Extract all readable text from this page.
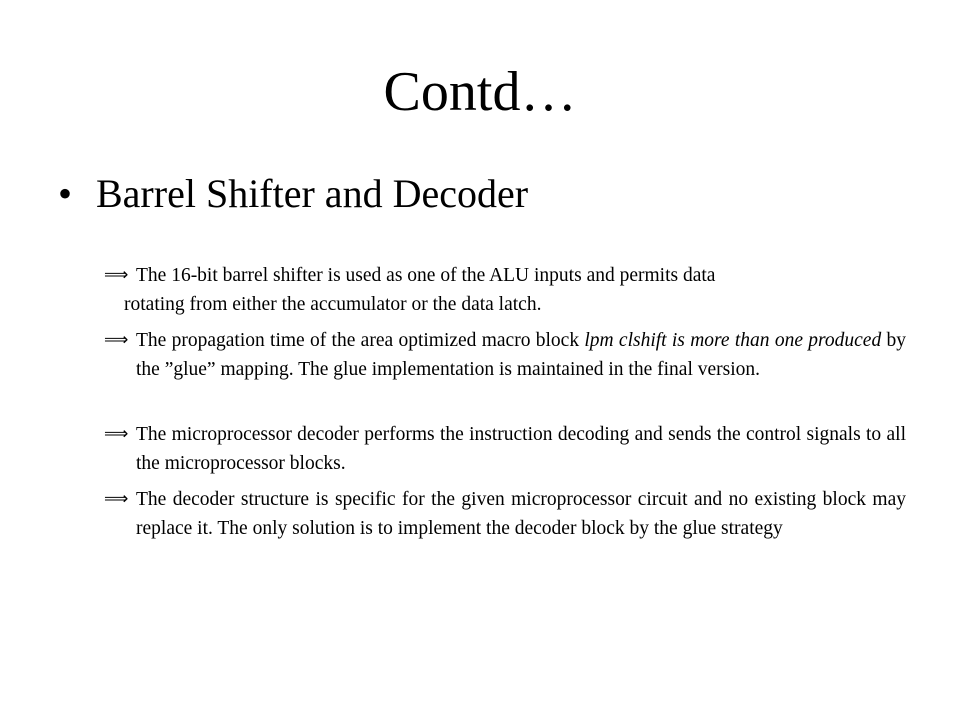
Contd…
• Barrel Shifter and Decoder
⟹ The 16-bit barrel shifter is used as one of the ALU inputs and permits data
rotating from either the accumulator or the data latch.
⟹ The propagation time of the area optimized macro block lpm clshift is more than one produced by the ”glue” mapping. The glue implementation is maintained in the final version.
⟹ The microprocessor decoder performs the instruction decoding and sends the control signals to all the microprocessor blocks.
⟹ The decoder structure is specific for the given microprocessor circuit and no existing block may replace it. The only solution is to implement the decoder block by the glue strategy
